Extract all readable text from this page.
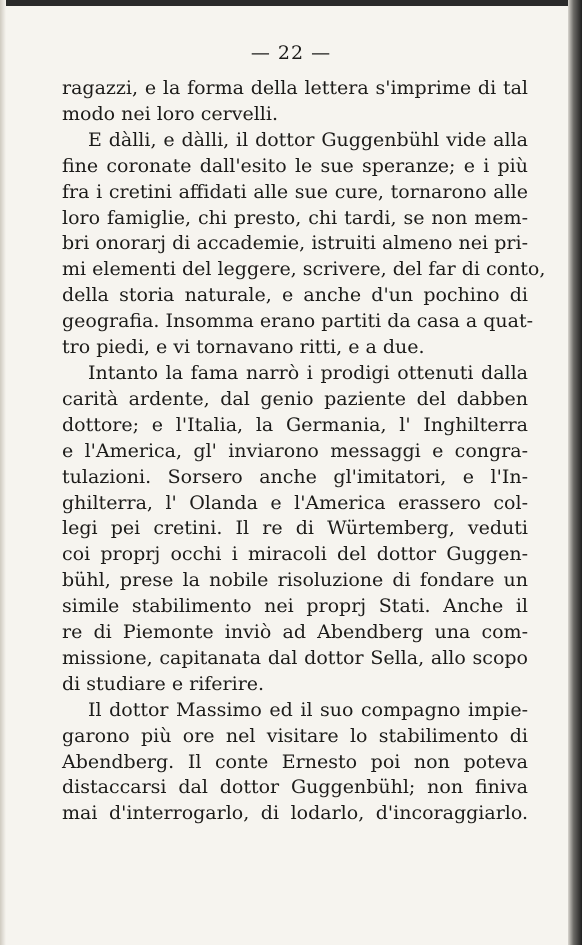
— 22 —
ragazzi, e la forma della lettera s'imprime di tal
modo nei loro cervelli.
E dàlli, e dàlli, il dottor Guggenbühl vide alla
fine coronate dall'esito le sue speranze; e i più
fra i cretini affidati alle sue cure, tornarono alle
loro famiglie, chi presto, chi tardi, se non mem-
bri onorarj di accademie, istruiti almeno nei pri-
mi elementi del leggere, scrivere, del far di conto,
della storia naturale, e anche d'un pochino di
geografia. Insomma erano partiti da casa a quat-
tro piedi, e vi tornavano ritti, e a due.
Intanto la fama narrò i prodigi ottenuti dalla
carità ardente, dal genio paziente del dabben
dottore; e l'Italia, la Germania, l' Inghilterra
e l'America, gl' inviarono messaggi e congra-
tulazioni. Sorsero anche gl'imitatori, e l'In-
ghilterra, l' Olanda e l'America erassero col-
legi pei cretini. Il re di Würtemberg, veduti
coi proprj occhi i miracoli del dottor Guggen-
bühl, prese la nobile risoluzione di fondare un
simile stabilimento nei proprj Stati. Anche il
re di Piemonte inviò ad Abendberg una com-
missione, capitanata dal dottor Sella, allo scopo
di studiare e riferire.
Il dottor Massimo ed il suo compagno impie-
garono più ore nel visitare lo stabilimento di
Abendberg. Il conte Ernesto poi non poteva
distaccarsi dal dottor Guggenbühl; non finiva
mai d'interrogarlo, di lodarlo, d'incoraggiarlo.
